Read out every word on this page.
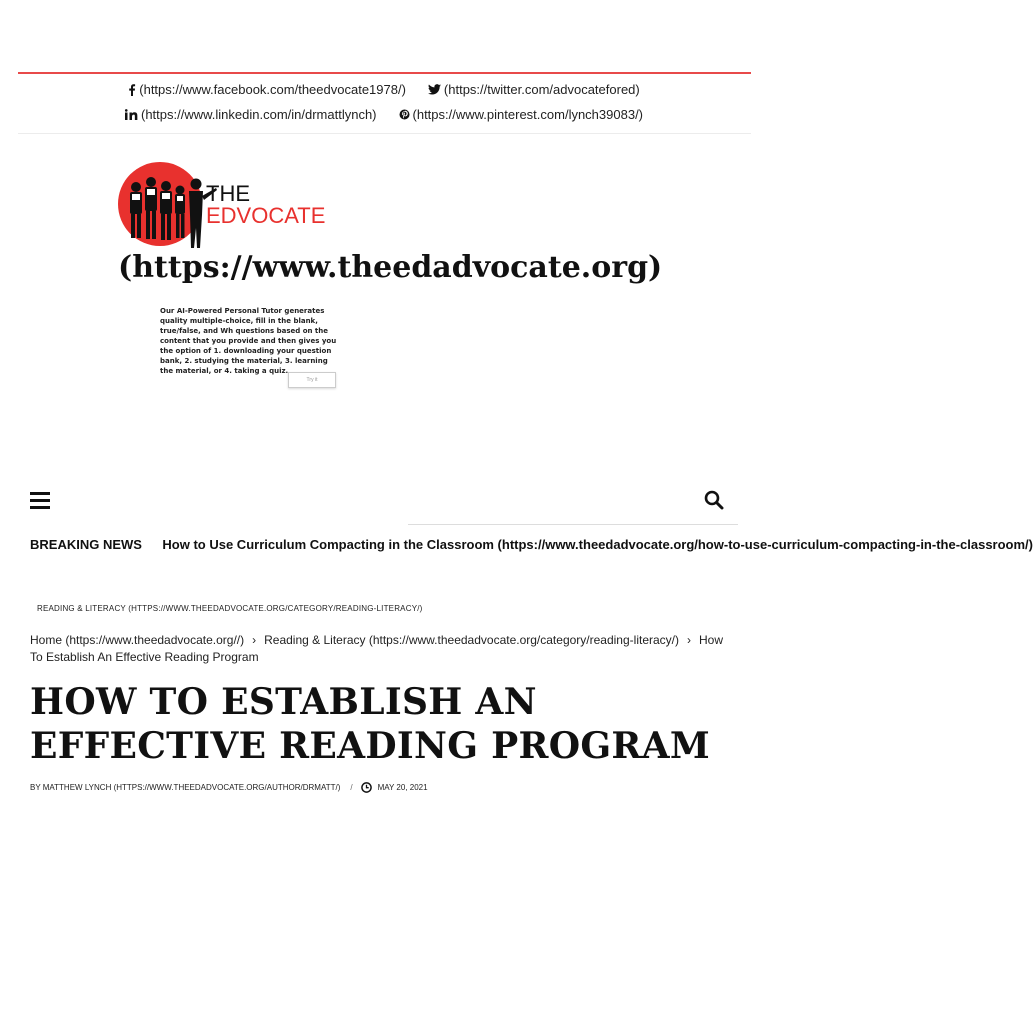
(https://www.facebook.com/theedvocate1978/)	(https://twitter.com/advocatefored)
(https://www.linkedin.com/in/drmattlynch)	(https://www.pinterest.com/lynch39083/)
THE
EDVOCATE
(https://www.theedadvocate.org)

Our AI-Powered Personal Tutor generates quality multiple-choice, fill in the blank, true/false, and Wh questions based on the content that you provide and then gives you the option of 1. downloading your question bank, 2. studying the material, 3. learning the material, or 4. taking a quiz.

Try it
BREAKING NEWS How to Use Curriculum Compacting in the Classroom (https://www.theedadvocate.org/how-to-use-curriculum-compacting-in-the-classroom/)
READING & LITERACY (HTTPS://WWW.THEEDADVOCATE.ORG/CATEGORY/READING-LITERACY/)
Home (https://www.theedadvocate.org//) › Reading & Literacy (https://www.theedadvocate.org/category/reading-literacy/) › How To Establish An Effective Reading Program
HOW TO ESTABLISH AN EFFECTIVE READING PROGRAM
BY MATTHEW LYNCH (HTTPS://WWW.THEEDADVOCATE.ORG/AUTHOR/DRMATT/) /	MAY 20, 2021
